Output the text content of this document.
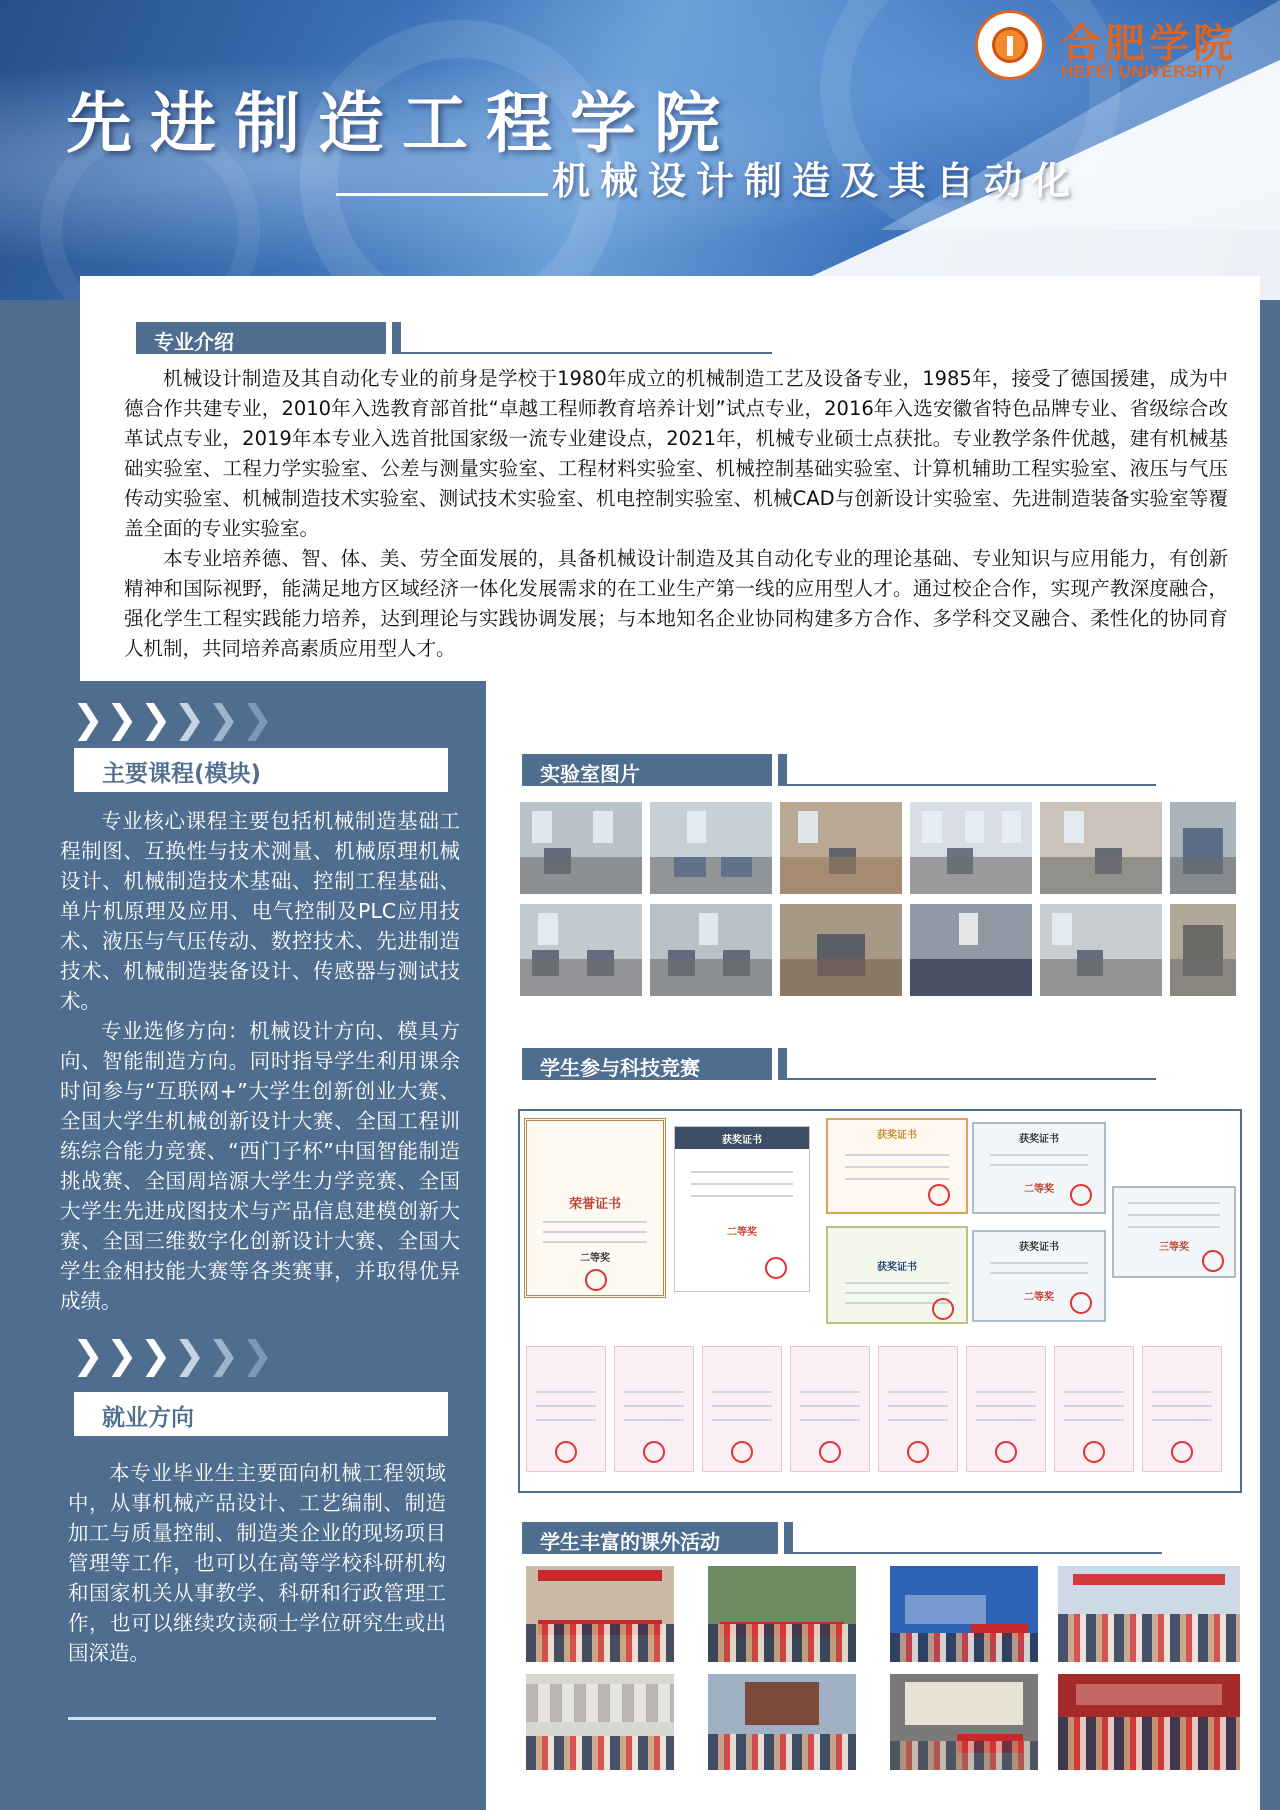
先进制造工程学院
机械设计制造及其自动化
合肥学院
HEFEI UNIVERSITY
专业介绍

机械设计制造及其自动化专业的前身是学校于1980年成立的机械制造工艺及设备专业，1985年，接受了德国援建，成为中德合作共建专业，2010年入选教育部首批“卓越工程师教育培养计划”试点专业，2016年入选安徽省特色品牌专业、省级综合改革试点专业，2019年本专业入选首批国家级一流专业建设点，2021年，机械专业硕士点获批。专业教学条件优越，建有机械基础实验室、工程力学实验室、公差与测量实验室、工程材料实验室、机械控制基础实验室、计算机辅助工程实验室、液压与气压传动实验室、机械制造技术实验室、测试技术实验室、机电控制实验室、机械CAD与创新设计实验室、先进制造装备实验室等覆盖全面的专业实验室。

本专业培养德、智、体、美、劳全面发展的，具备机械设计制造及其自动化专业的理论基础、专业知识与应用能力，有创新精神和国际视野，能满足地方区域经济一体化发展需求的在工业生产第一线的应用型人才。通过校企合作，实现产教深度融合，强化学生工程实践能力培养，达到理论与实践协调发展；与本地知名企业协同构建多方合作、多学科交叉融合、柔性化的协同育人机制，共同培养高素质应用型人才。

❯ ❯ ❯ ❯ ❯ ❯
主要课程(模块)

专业核心课程主要包括机械制造基础工程制图、互换性与技术测量、机械原理机械设计、机械制造技术基础、控制工程基础、单片机原理及应用、电气控制及PLC应用技术、液压与气压传动、数控技术、先进制造技术、机械制造装备设计、传感器与测试技术。

专业选修方向：机械设计方向、模具方向、智能制造方向。同时指导学生利用课余时间参与“互联网+”大学生创新创业大赛、全国大学生机械创新设计大赛、全国工程训练综合能力竞赛、“西门子杯”中国智能制造挑战赛、全国周培源大学生力学竞赛、全国大学生先进成图技术与产品信息建模创新大赛、全国三维数字化创新设计大赛、全国大学生金相技能大赛等各类赛事，并取得优异成绩。

❯ ❯ ❯ ❯ ❯ ❯
就业方向

本专业毕业生主要面向机械工程领域中，从事机械产品设计、工艺编制、制造加工与质量控制、制造类企业的现场项目管理等工作，也可以在高等学校科研机构和国家机关从事教学、科研和行政管理工作，也可以继续攻读硕士学位研究生或出国深造。

实验室图片
学生参与科技竞赛
荣誉证书
二等奖
获奖证书
二等奖
获奖证书	获奖证书
二等奖
获奖证书
获奖证书
二等奖
三等奖
学生丰富的课外活动
